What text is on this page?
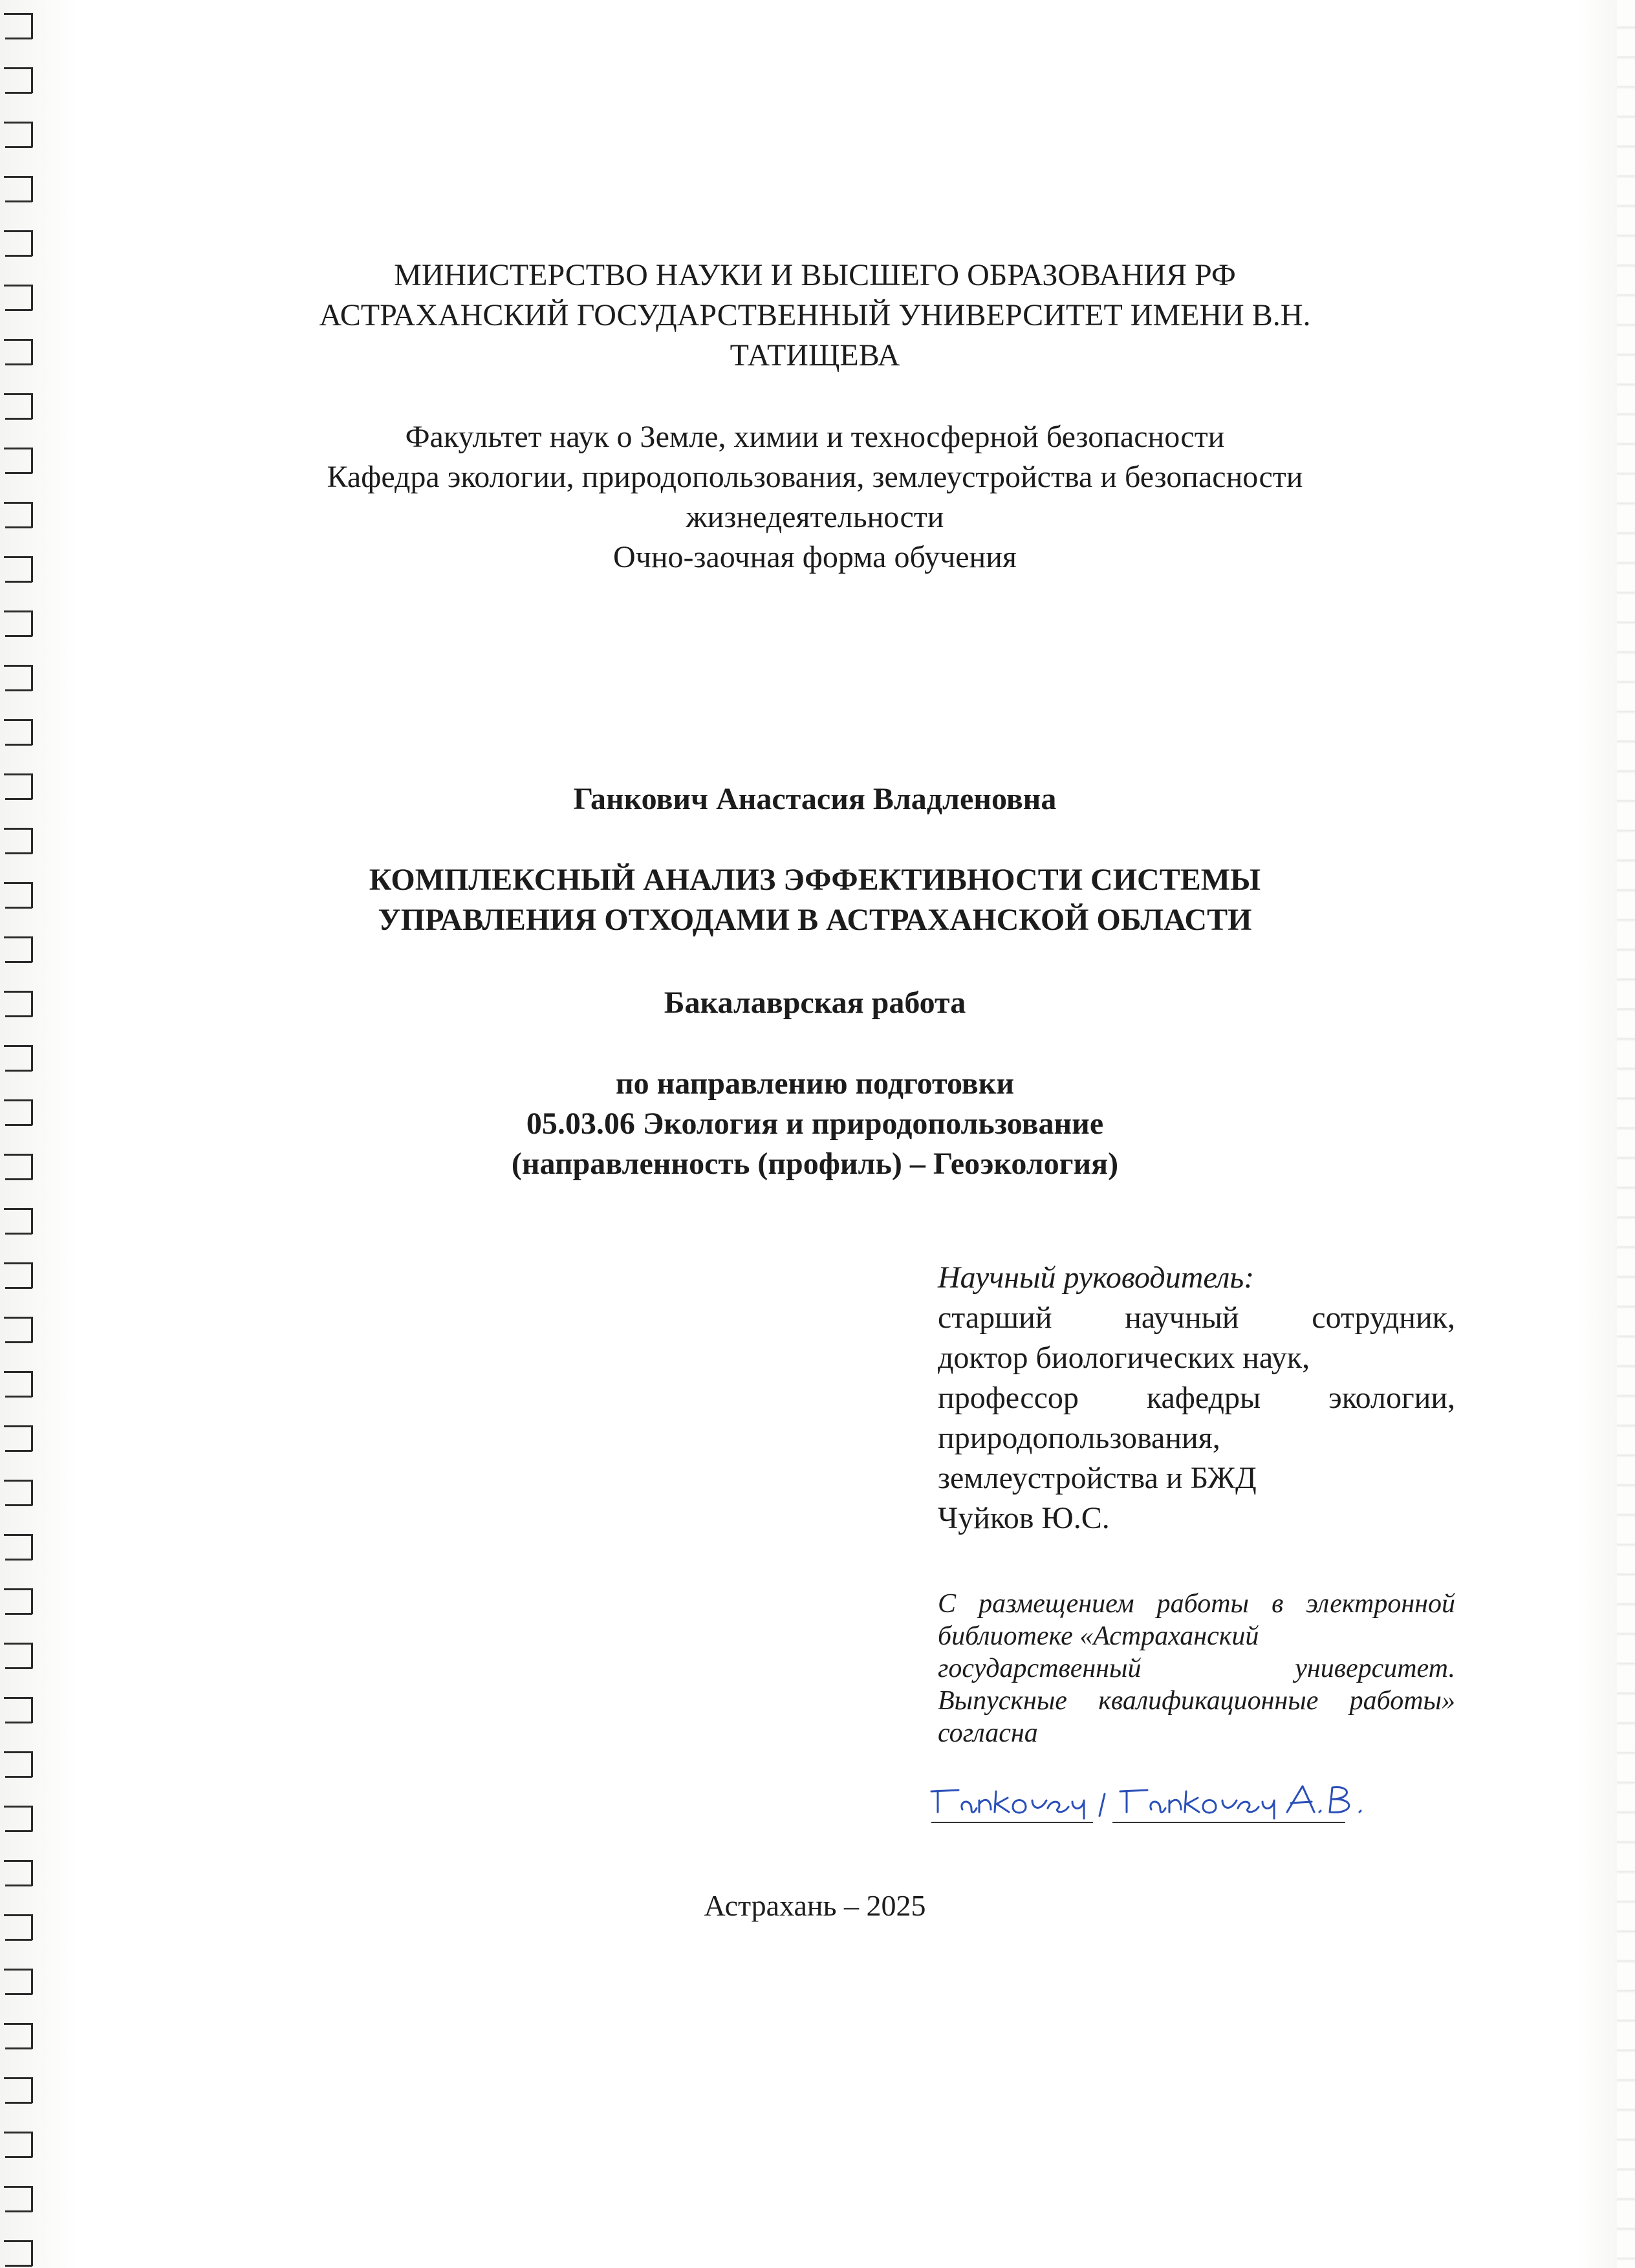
МИНИСТЕРСТВО НАУКИ И ВЫСШЕГО ОБРАЗОВАНИЯ РФ
АСТРАХАНСКИЙ ГОСУДАРСТВЕННЫЙ УНИВЕРСИТЕТ ИМЕНИ В.Н.
ТАТИЩЕВА
Факультет наук о Земле, химии и техносферной безопасности
Кафедра экологии, природопользования, землеустройства и безопасности
жизнедеятельности
Очно-заочная форма обучения
Ганкович Анастасия Владленовна
КОМПЛЕКСНЫЙ АНАЛИЗ ЭФФЕКТИВНОСТИ СИСТЕМЫ
УПРАВЛЕНИЯ ОТХОДАМИ В АСТРАХАНСКОЙ ОБЛАСТИ
Бакалаврская работа
по направлению подготовки
05.03.06 Экология и природопользование
(направленность (профиль) – Геоэкология)
Научный руководитель:
старший научный сотрудник,
доктор биологических наук,
профессор кафедры экологии,
природопользования,
землеустройства и БЖД
Чуйков Ю.С.
С размещением работы в электронной
библиотеке «Астраханский
государственный университет.
Выпускные квалификационные работы»
согласна
Астрахань – 2025
